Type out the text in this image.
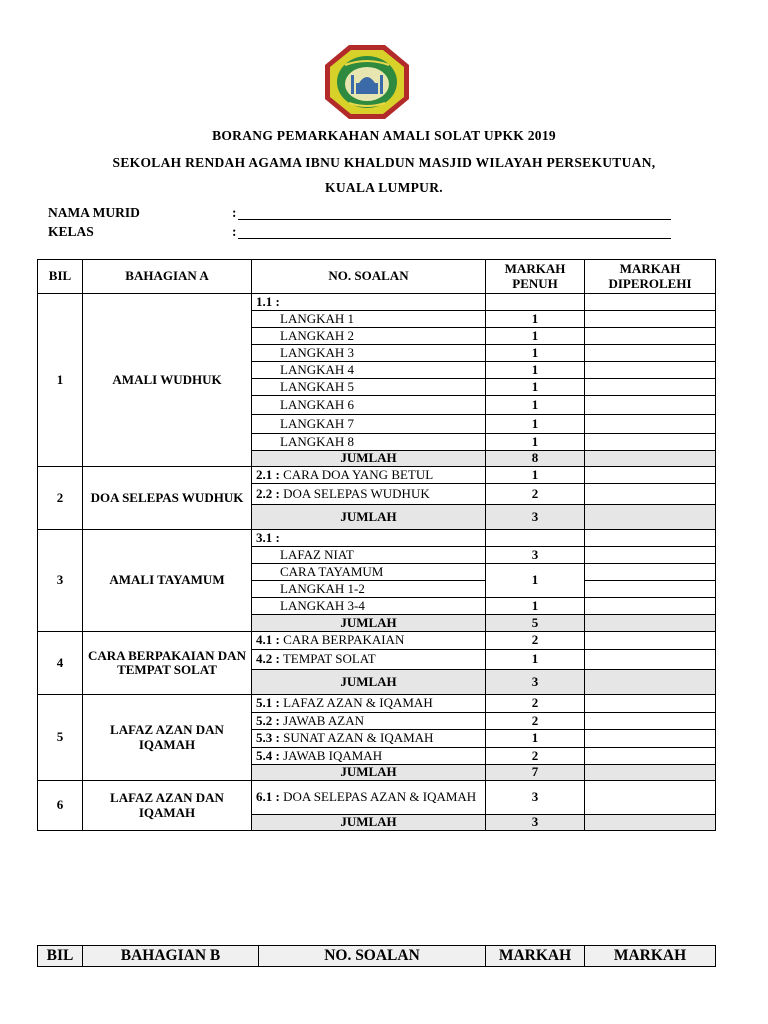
BORANG PEMARKAHAN AMALI SOLAT UPKK 2019
SEKOLAH RENDAH AGAMA IBNU KHALDUN MASJID WILAYAH PERSEKUTUAN,
KUALA LUMPUR.
NAMA MURID	:
KELAS	:
BIL	BAHAGIAN A	NO. SOALAN	MARKAH PENUH	MARKAH DIPEROLEHI
1	AMALI WUDHUK	1.1 :		
		LANGKAH 1	1	
		LANGKAH 2	1	
		LANGKAH 3	1	
		LANGKAH 4	1	
		LANGKAH 5	1	
		LANGKAH 6	1	
		LANGKAH 7	1	
		LANGKAH 8	1	
		JUMLAH	8	
2	DOA SELEPAS WUDHUK	2.1 : CARA DOA YANG BETUL	1	
		2.2 : DOA SELEPAS WUDHUK	2	
		JUMLAH	3	
3	AMALI TAYAMUM	3.1 :		
		LAFAZ NIAT	3	
		CARA TAYAMUM	1	
		LANGKAH 1-2		
		LANGKAH 3-4	1	
		JUMLAH	5	
4	CARA BERPAKAIAN DAN TEMPAT SOLAT	4.1 : CARA BERPAKAIAN	2	
		4.2 : TEMPAT SOLAT	1	
		JUMLAH	3	
5	LAFAZ AZAN DAN IQAMAH	5.1 : LAFAZ AZAN & IQAMAH	2	
		5.2 : JAWAB AZAN	2	
		5.3 : SUNAT AZAN & IQAMAH	1	
		5.4 : JAWAB IQAMAH	2	
		JUMLAH	7	
6	LAFAZ AZAN DAN IQAMAH	6.1 : DOA SELEPAS AZAN & IQAMAH	3	
		JUMLAH	3	
BIL	BAHAGIAN B	NO. SOALAN	MARKAH	MARKAH
